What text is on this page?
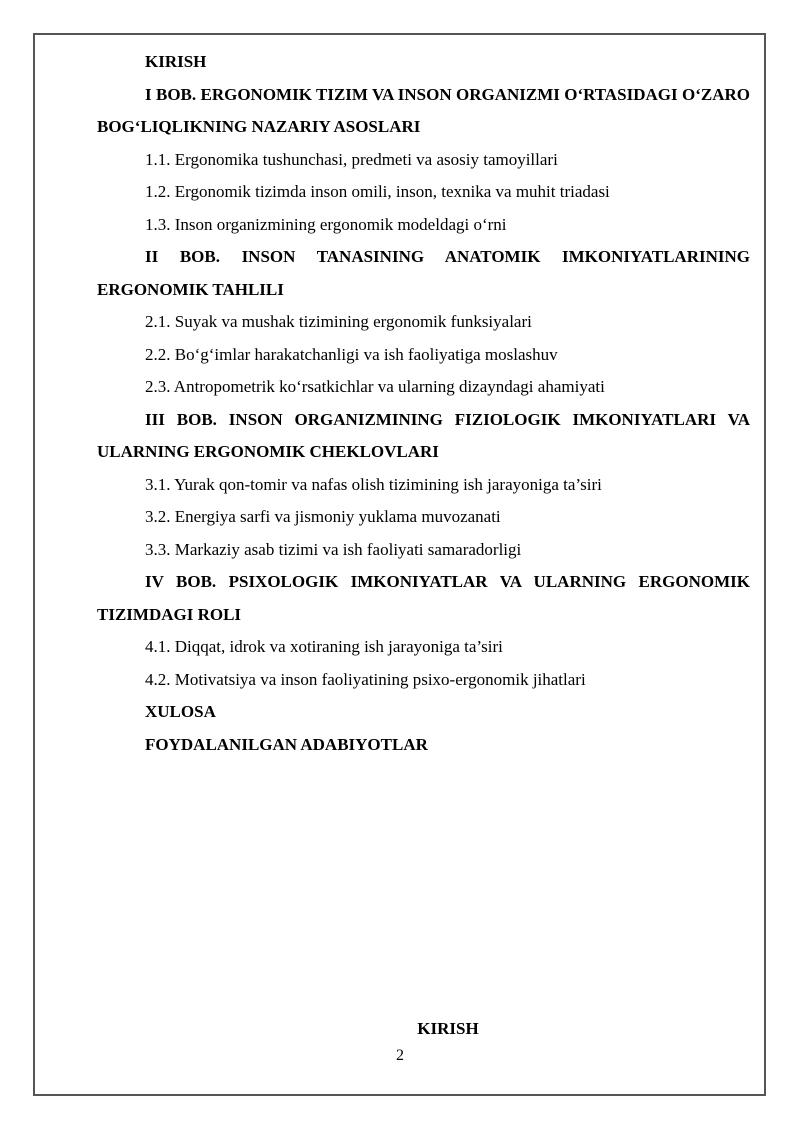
KIRISH

I BOB. ERGONOMIK TIZIM VA INSON ORGANIZMI O‘RTASIDAGI O‘ZARO BOG‘LIQLIKNING NAZARIY ASOSLARI

1.1. Ergonomika tushunchasi, predmeti va asosiy tamoyillari

1.2. Ergonomik tizimda inson omili, inson, texnika va muhit triadasi

1.3. Inson organizmining ergonomik modeldagi o‘rni

II BOB. INSON TANASINING ANATOMIK IMKONIYATLARINING ERGONOMIK TAHLILI

2.1. Suyak va mushak tizimining ergonomik funksiyalari

2.2. Bo‘g‘imlar harakatchanligi va ish faoliyatiga moslashuv

2.3. Antropometrik ko‘rsatkichlar va ularning dizayndagi ahamiyati

III BOB. INSON ORGANIZMINING FIZIOLOGIK IMKONIYATLARI VA ULARNING ERGONOMIK CHEKLOVLARI

3.1. Yurak qon-tomir va nafas olish tizimining ish jarayoniga ta’siri

3.2. Energiya sarfi va jismoniy yuklama muvozanati

3.3. Markaziy asab tizimi va ish faoliyati samaradorligi

IV BOB. PSIXOLOGIK IMKONIYATLAR VA ULARNING ERGONOMIK TIZIMDAGI ROLI

4.1. Diqqat, idrok va xotiraning ish jarayoniga ta’siri

4.2. Motivatsiya va inson faoliyatining psixo-ergonomik jihatlari

XULOSA

FOYDALANILGAN ADABIYOTLAR

KIRISH
2
